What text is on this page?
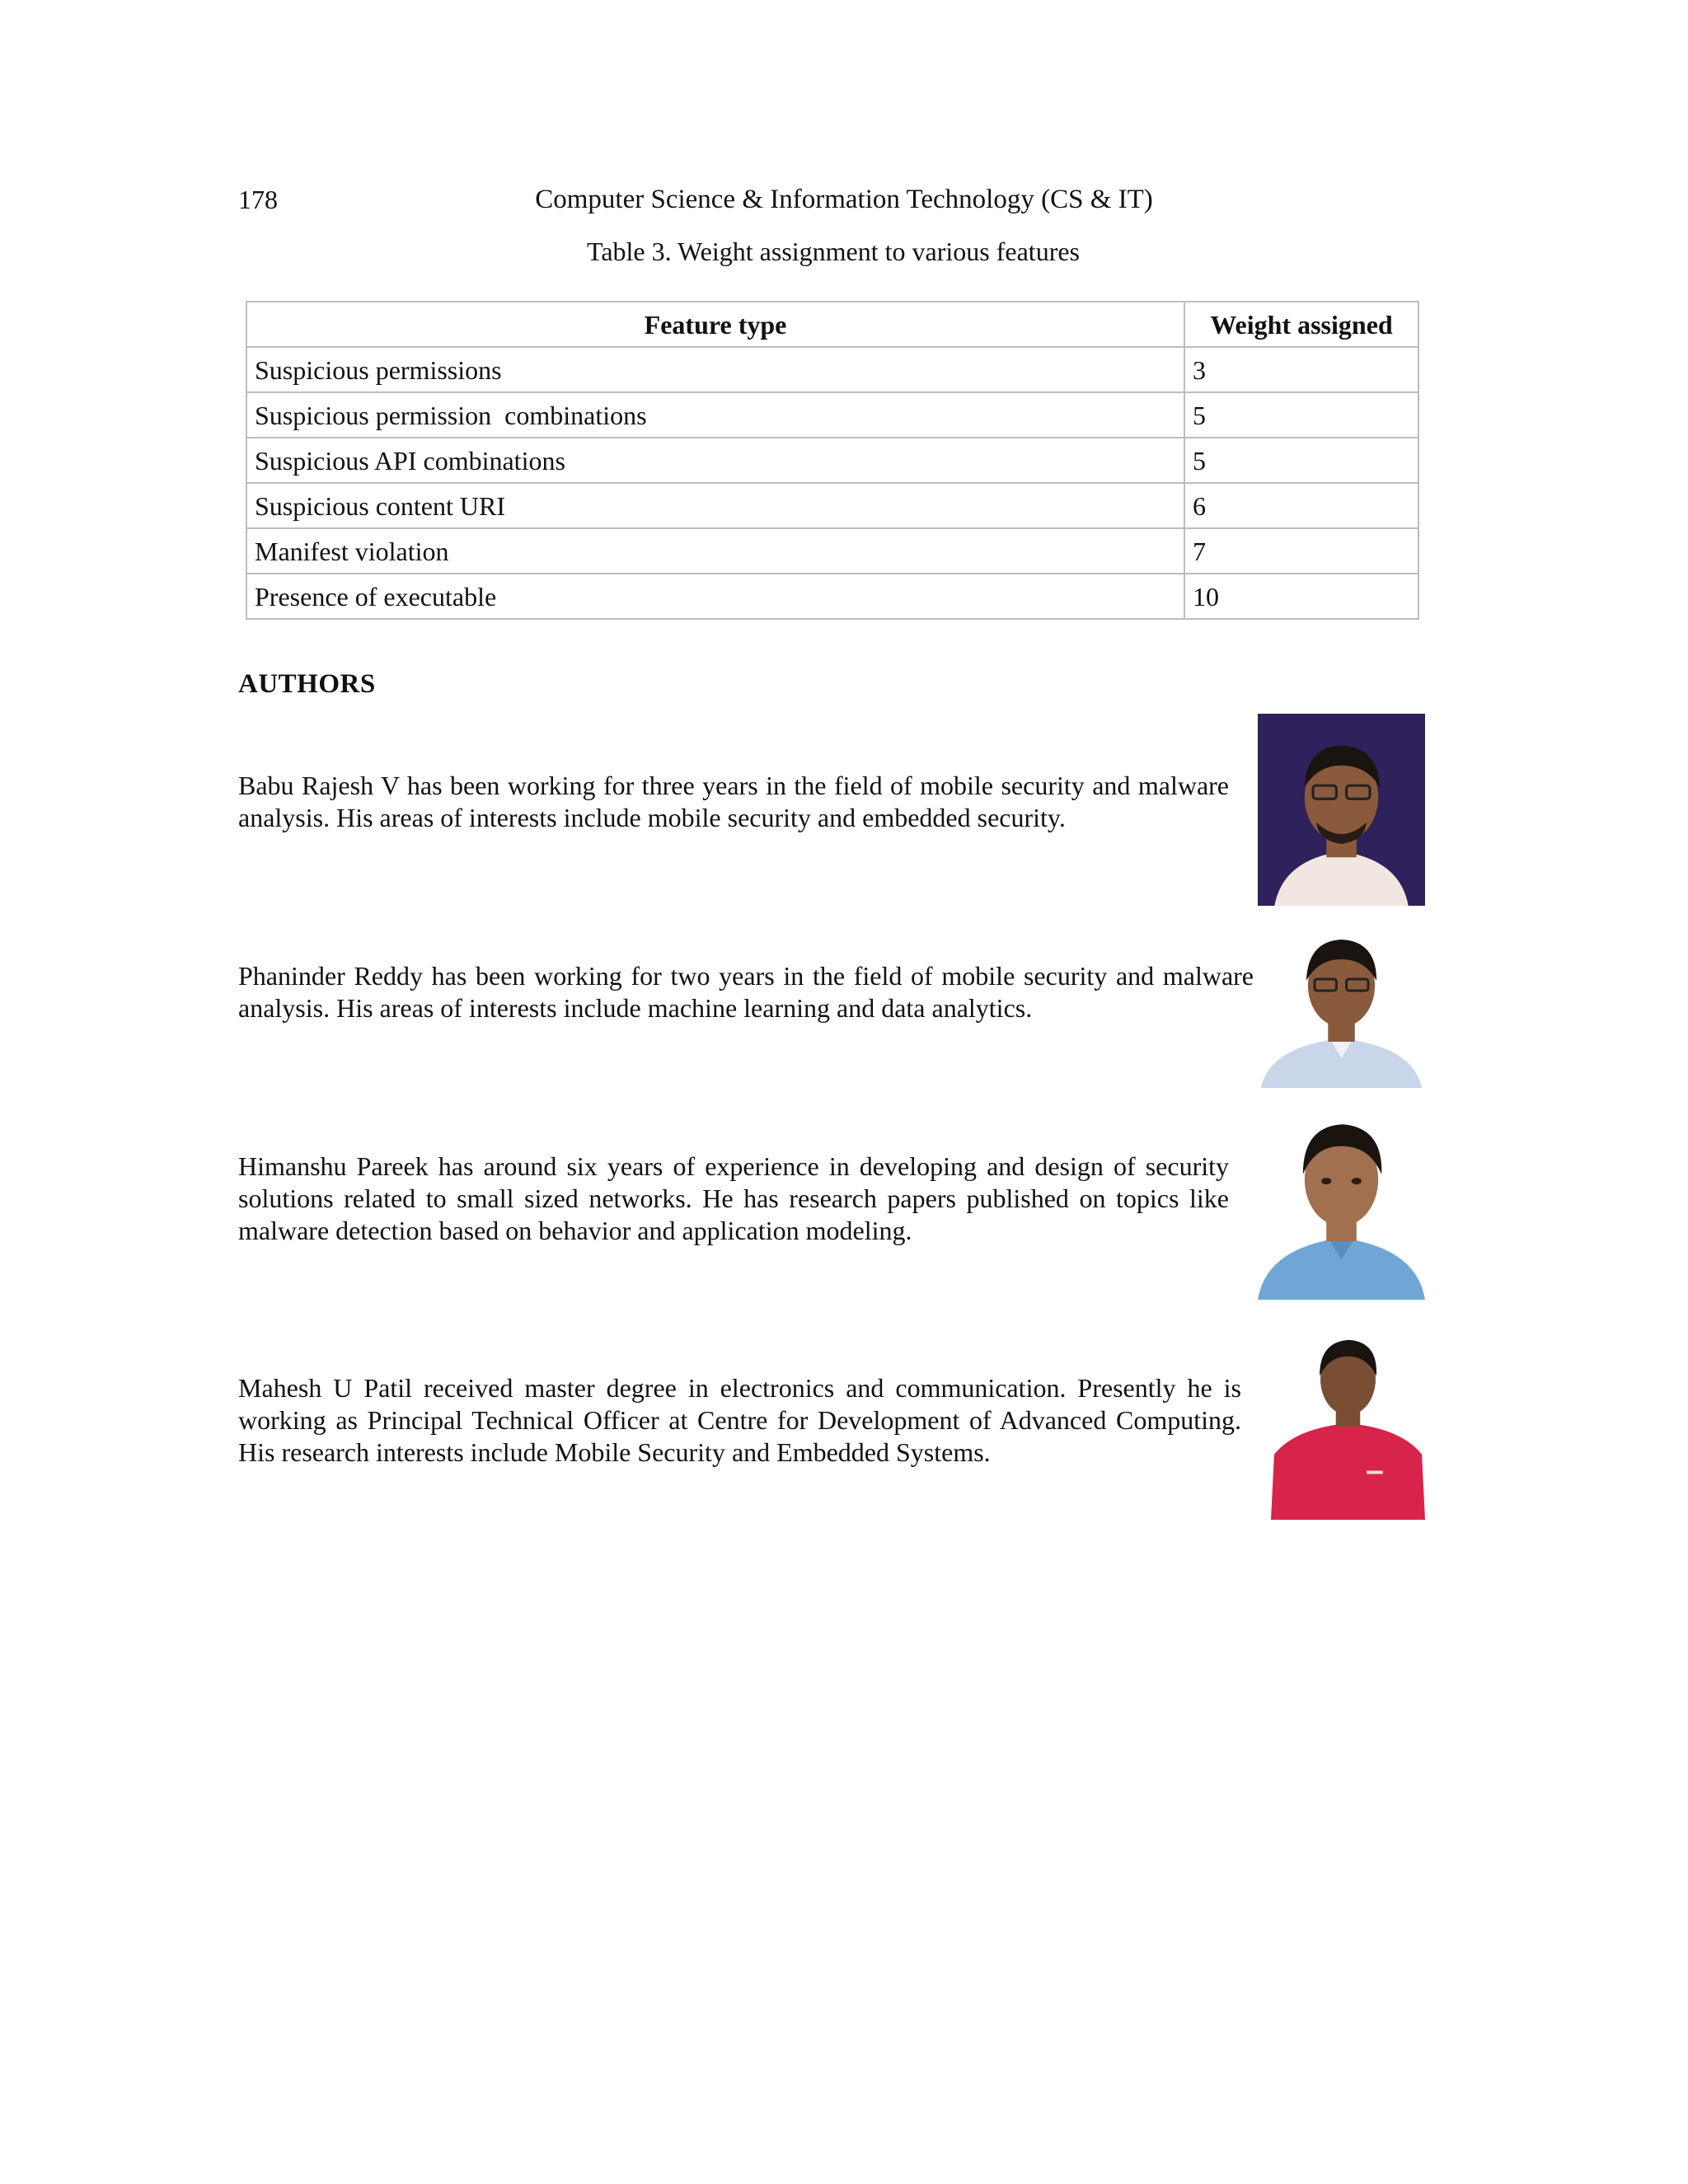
178	Computer Science & Information Technology (CS & IT)
Table 3. Weight assignment to various features
Feature type	Weight assigned
Suspicious permissions	3
Suspicious permission  combinations	5
Suspicious API combinations	5
Suspicious content URI	6
Manifest violation	7
Presence of executable	10
AUTHORS
Babu Rajesh V has been working for three years in the field of mobile security and malware analysis. His areas of interests include mobile security and embedded security.
Phaninder Reddy has been working for two years in the field of mobile security and malware analysis. His areas of interests include machine learning and data analytics.
Himanshu Pareek has around six years of experience in developing and design of security solutions related to small sized networks. He has research papers published on topics like malware detection based on behavior and application modeling.
Mahesh U Patil received master degree in electronics and communication. Presently he is working as Principal Technical Officer at Centre for Development of Advanced Computing. His research interests include Mobile Security and Embedded Systems.
